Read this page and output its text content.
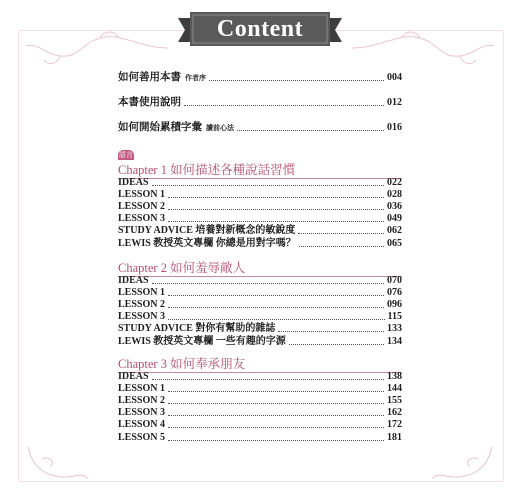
Content
語言
如何善用本書 作者序	004
本書使用說明	012
如何開始累積字彙 讀前心法	016
Chapter 1 如何描述各種說話習慣
IDEAS	022
LESSON 1	028
LESSON 2	036
LESSON 3	049
STUDY ADVICE 培養對新概念的敏銳度	062
LEWIS 教授英文專欄 你總是用對字嗎？	065
Chapter 2 如何羞辱敵人
IDEAS	070
LESSON 1	076
LESSON 2	096
LESSON 3	115
STUDY ADVICE 對你有幫助的雜誌	133
LEWIS 教授英文專欄 一些有趣的字源	134
Chapter 3 如何奉承朋友
IDEAS	138
LESSON 1	144
LESSON 2	155
LESSON 3	162
LESSON 4	172
LESSON 5	181
